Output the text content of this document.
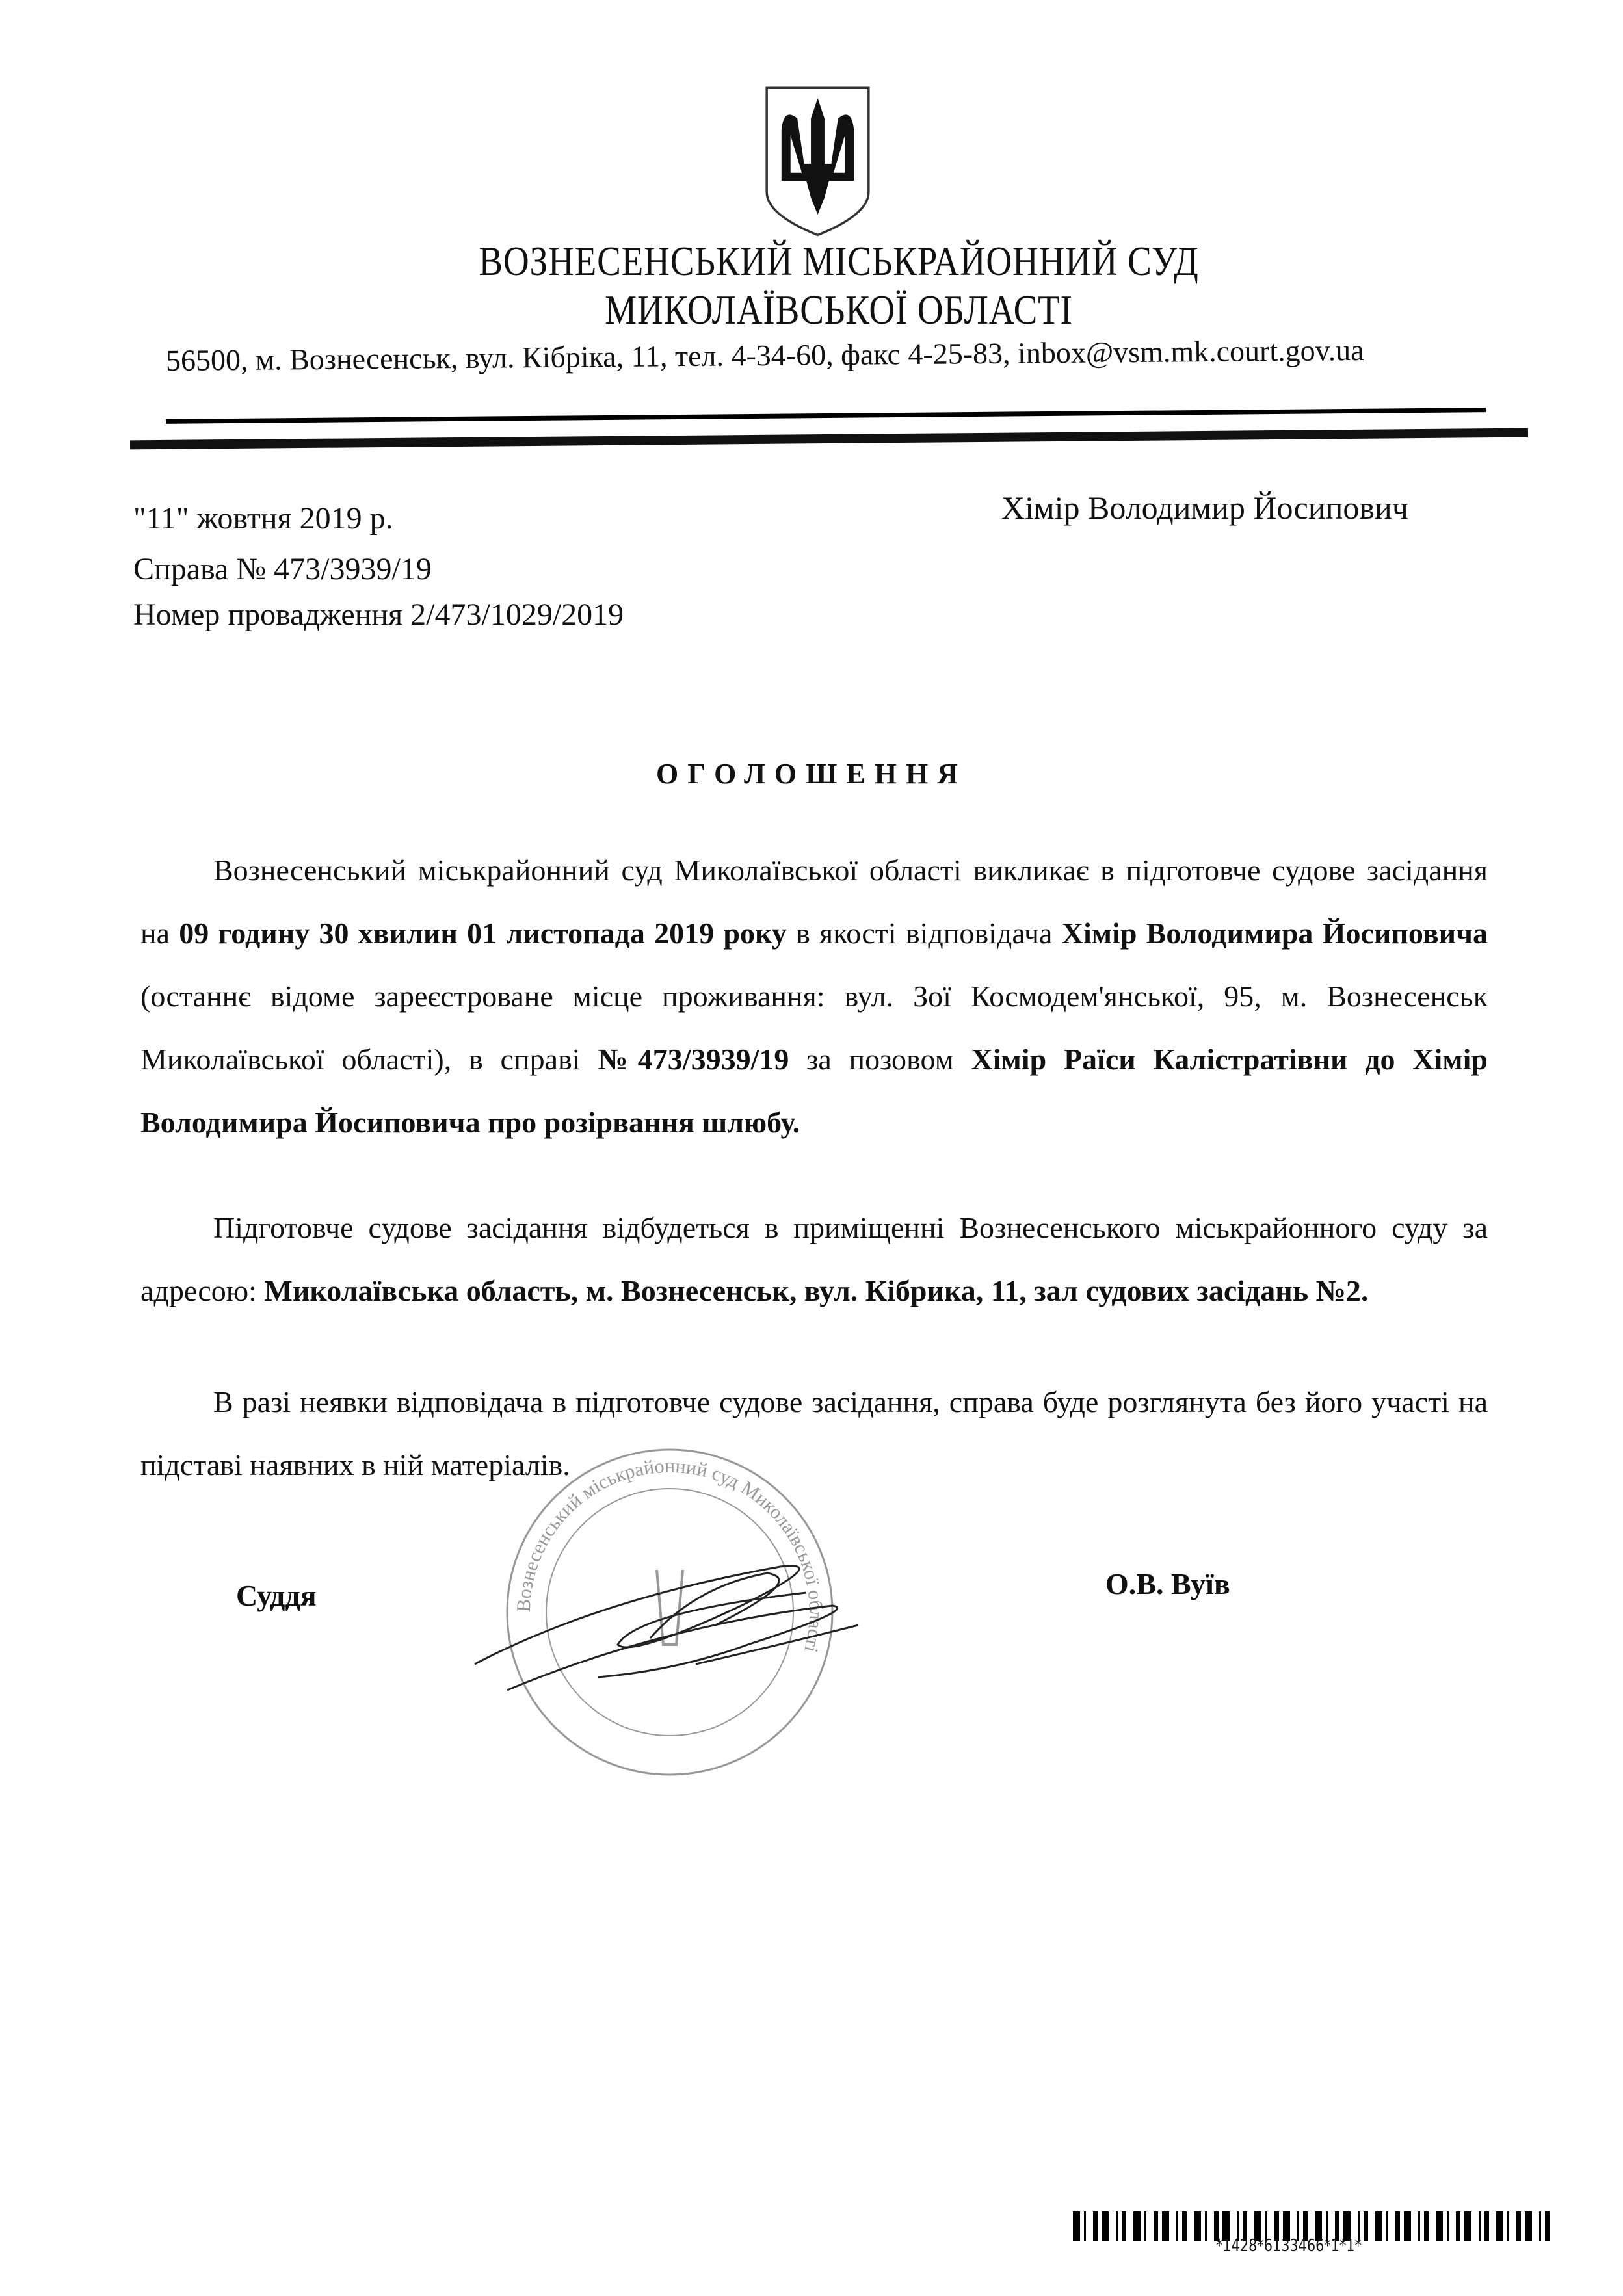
ВОЗНЕСЕНСЬКИЙ МІСЬКРАЙОННИЙ СУД
МИКОЛАЇВСЬКОЇ ОБЛАСТІ
56500, м. Вознесенськ, вул. Кібріка, 11, тел. 4-34-60, факс 4-25-83, inbox@vsm.mk.court.gov.ua
"11" жовтня 2019 р.
Справа № 473/3939/19
Номер провадження 2/473/1029/2019
Хімір Володимир Йосипович
ОГОЛОШЕННЯ
Вознесенський міськрайонний суд Миколаївської області викликає в підготовче судове засідання на 09 годину 30 хвилин 01 листопада 2019 року в якості відповідача Хімір Володимира Йосиповича (останнє відоме зареєстроване місце проживання: вул. Зої Космодем'янської, 95, м. Вознесенськ Миколаївської області), в справі №473/3939/19 за позовом Хімір Раїси Калістратівни до Хімір Володимира Йосиповича про розірвання шлюбу.
Підготовче судове засідання відбудеться в приміщенні Вознесенського міськрайонного суду за адресою: Миколаївська область, м. Вознесенськ, вул. Кібрика, 11, зал судових засідань №2.
В разі неявки відповідача в підготовче судове засідання, справа буде розглянута без його участі на підставі наявних в ній матеріалів.
Суддя	О.В. Вуїв
Вознесенський міськрайонний суд Миколаївської області
*1428*6133466*1*1*
